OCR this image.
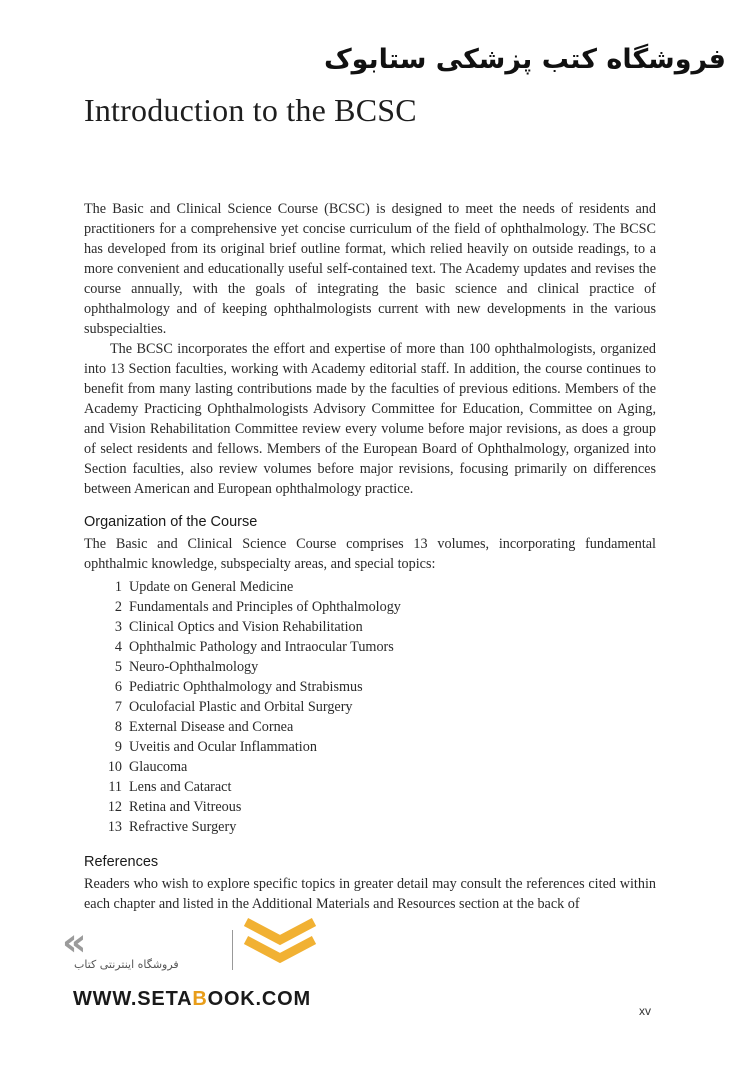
فروشگاه کتب پزشکی ستابوک
Introduction to the BCSC

The Basic and Clinical Science Course (BCSC) is designed to meet the needs of residents and practitioners for a comprehensive yet concise curriculum of the field of ophthalmology. The BCSC has developed from its original brief outline format, which relied heavily on outside readings, to a more convenient and educationally useful self-contained text. The Academy updates and revises the course annually, with the goals of integrating the basic science and clinical practice of ophthalmology and of keeping ophthalmologists current with new developments in the various subspecialties.

The BCSC incorporates the effort and expertise of more than 100 ophthalmologists, organized into 13 Section faculties, working with Academy editorial staff. In addition, the course continues to benefit from many lasting contributions made by the faculties of previous editions. Members of the Academy Practicing Ophthalmologists Advisory Committee for Education, Committee on Aging, and Vision Rehabilitation Committee review every volume before major revisions, as does a group of select residents and fellows. Members of the European Board of Ophthalmology, organized into Section faculties, also review volumes before major revisions, focusing primarily on differences between American and European ophthalmology practice.

Organization of the Course

The Basic and Clinical Science Course comprises 13 volumes, incorporating fundamental ophthalmic knowledge, subspecialty areas, and special topics:

1 Update on General Medicine
2 Fundamentals and Principles of Ophthalmology
3 Clinical Optics and Vision Rehabilitation
4 Ophthalmic Pathology and Intraocular Tumors
5 Neuro-Ophthalmology
6 Pediatric Ophthalmology and Strabismus
7 Oculofacial Plastic and Orbital Surgery
8 External Disease and Cornea
9 Uveitis and Ocular Inflammation
10 Glaucoma
11 Lens and Cataract
12 Retina and Vitreous
13 Refractive Surgery
References

Readers who wish to explore specific topics in greater detail may consult the references cited within each chapter and listed in the Additional Materials and Resources section at the back of

«
فروشگاه اینترنتی کتاب
WWW.SETABOOK.COM
xv
